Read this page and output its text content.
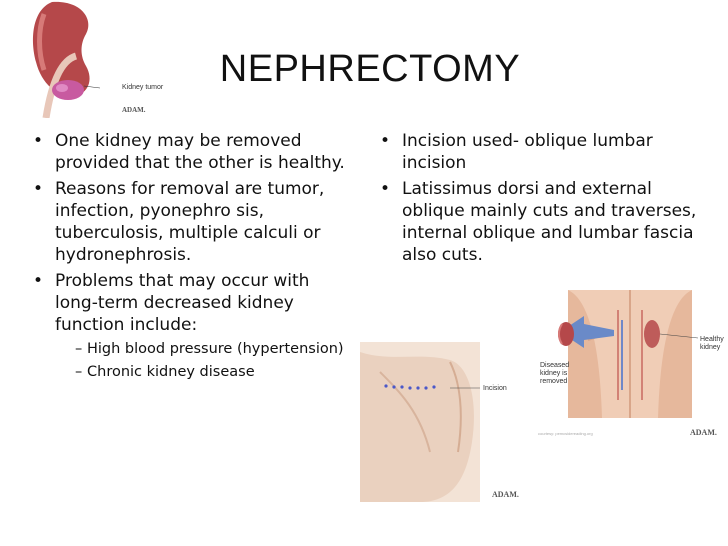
Kidney tumor
ADAM.
NEPHRECTOMY
• One kidney may be removed provided that the other is healthy.
• Reasons for removal are tumor, infection, pyonephro sis, tuberculosis, multiple calculi or hydronephrosis.
• Problems that may occur with long-term decreased kidney function include:
– High blood pressure (hypertension)
– Chronic kidney disease
• Incision used- oblique lumbar incision
• Latissimus dorsi and external oblique mainly cuts and traverses, internal oblique and lumbar fascia also cuts.
Incision
ADAM.
Diseased
kidney is
removed
Healthy
kidney
courtesy: pemcsidereading.org	ADAM.
